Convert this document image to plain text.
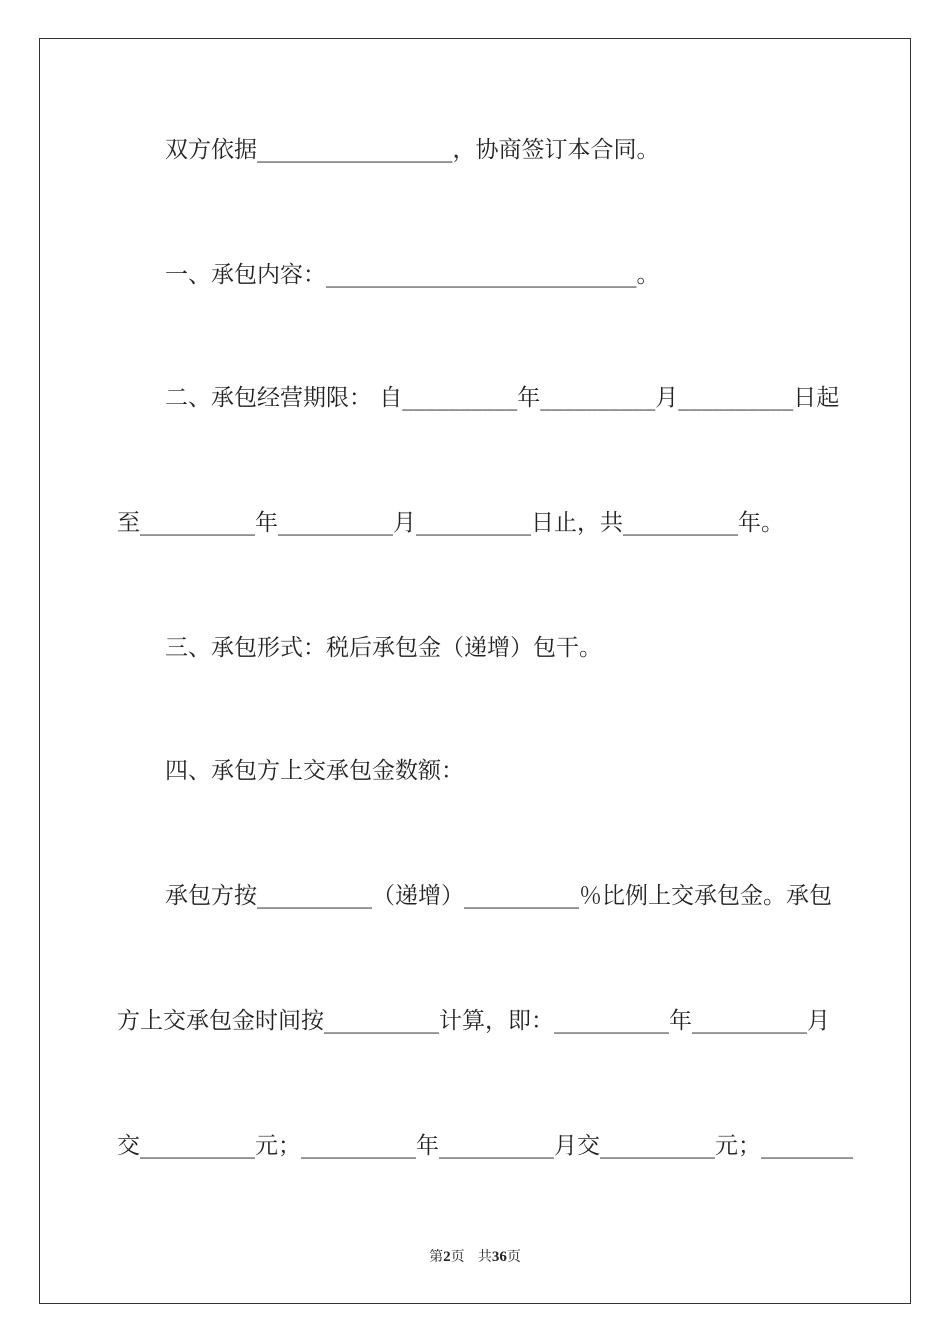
双方依据_________________，协商签订本合同。
一、承包内容：___________________________。
二、承包经营期限： 自__________年__________月__________日起
至__________年__________月__________日止，共__________年。
三、承包形式：税后承包金（递增）包干。
四、承包方上交承包金数额：
承包方按__________（递增）__________％比例上交承包金。承包
方上交承包金时间按__________计算，即：__________年__________月
交__________元；__________年__________月交__________元；________
第2页 共36页
